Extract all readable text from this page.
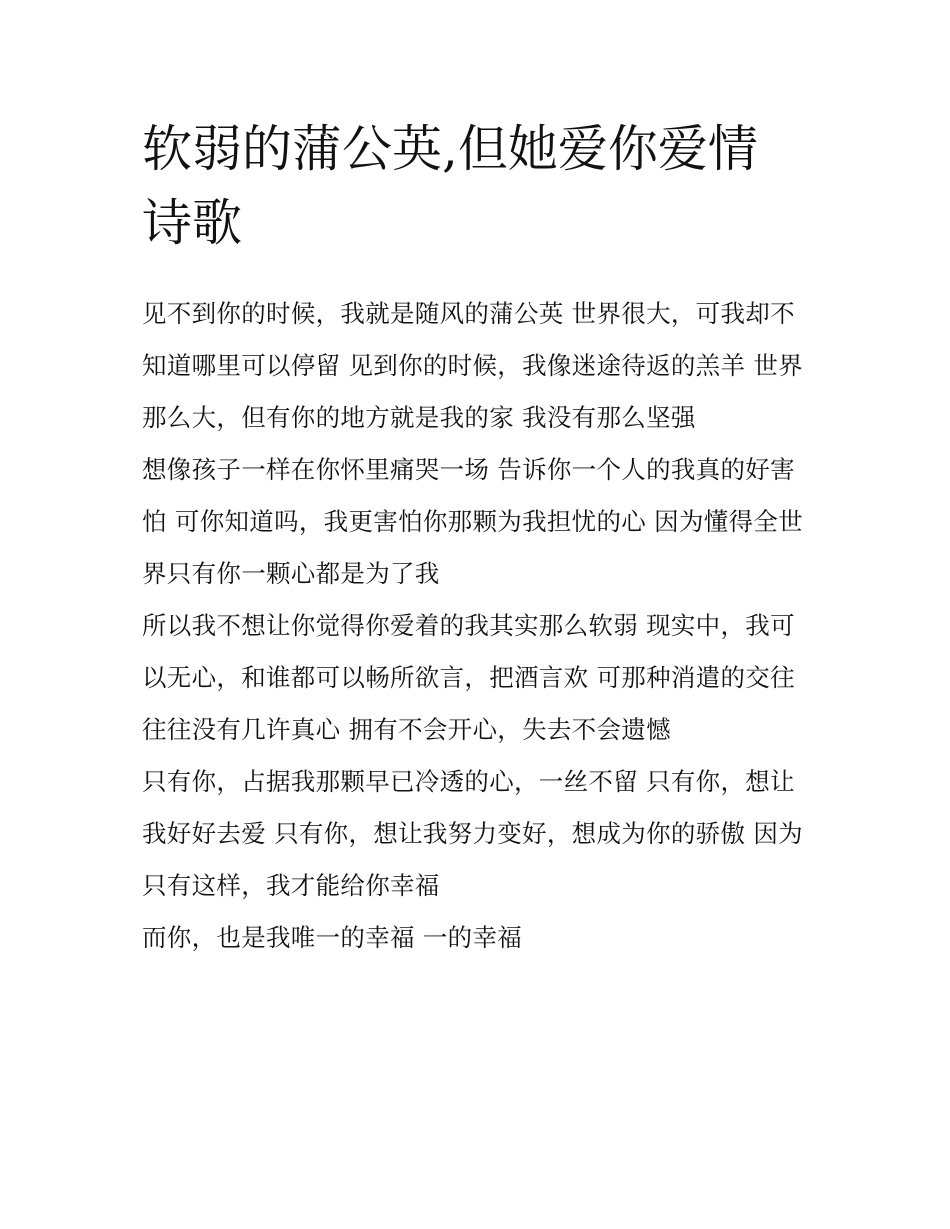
软弱的蒲公英,但她爱你爱情诗歌

见不到你的时候，我就是随风的蒲公英 世界很大，可我却不知道哪里可以停留 见到你的时候，我像迷途待返的羔羊 世界那么大，但有你的地方就是我的家 我没有那么坚强

想像孩子一样在你怀里痛哭一场 告诉你一个人的我真的好害怕 可你知道吗，我更害怕你那颗为我担忧的心 因为懂得全世界只有你一颗心都是为了我

所以我不想让你觉得你爱着的我其实那么软弱 现实中，我可以无心，和谁都可以畅所欲言，把酒言欢 可那种消遣的交往往往没有几许真心 拥有不会开心，失去不会遗憾

只有你，占据我那颗早已冷透的心，一丝不留 只有你，想让我好好去爱 只有你，想让我努力变好，想成为你的骄傲 因为只有这样，我才能给你幸福

而你，也是我唯一的幸福 一的幸福
